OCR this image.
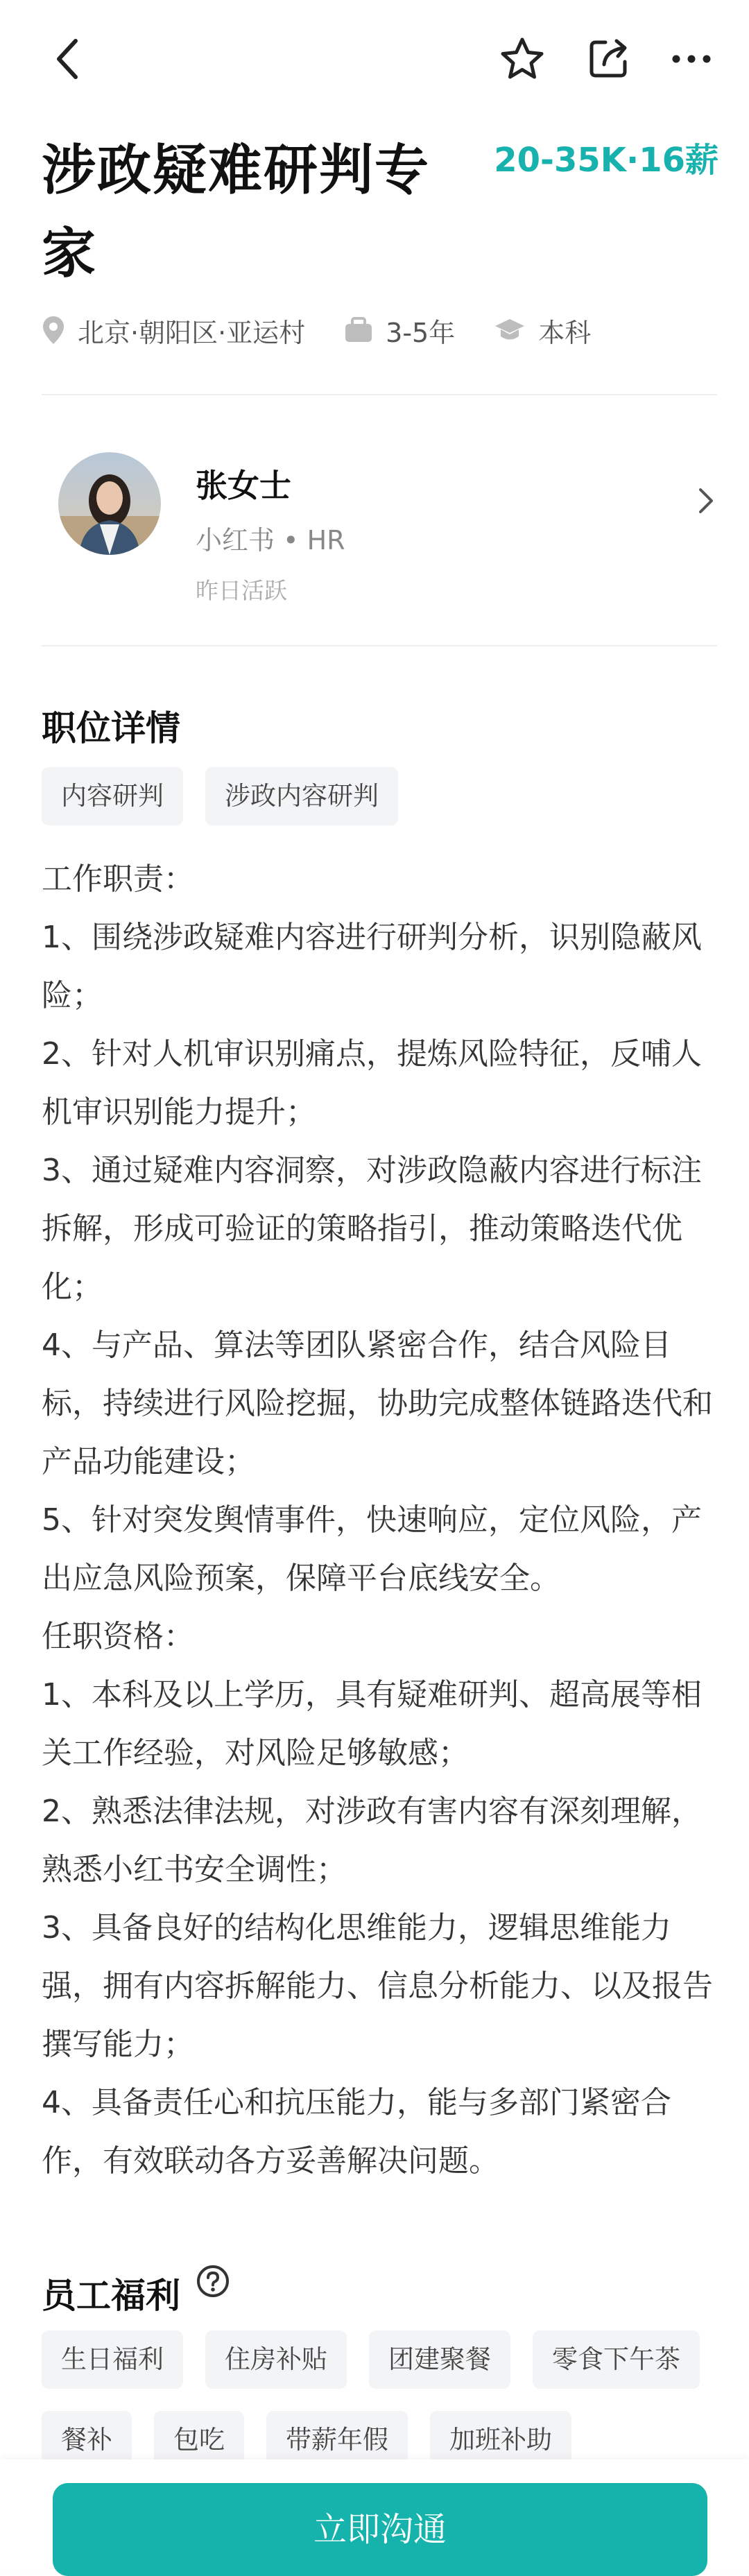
涉政疑难研判专家
20-35K·16薪
北京·朝阳区·亚运村	3-5年	本科
张女士
小红书 • HR
昨日活跃
职位详情
内容研判	涉政内容研判

工作职责：

1、围绕涉政疑难内容进行研判分析，识别隐蔽风险；

2、针对人机审识别痛点，提炼风险特征，反哺人机审识别能力提升；

3、通过疑难内容洞察，对涉政隐蔽内容进行标注拆解，形成可验证的策略指引，推动策略迭代优化；

4、与产品、算法等团队紧密合作，结合风险目标，持续进行风险挖掘，协助完成整体链路迭代和产品功能建设；

5、针对突发舆情事件，快速响应，定位风险，产出应急风险预案，保障平台底线安全。

任职资格：

1、本科及以上学历，具有疑难研判、超高展等相关工作经验，对风险足够敏感；

2、熟悉法律法规，对涉政有害内容有深刻理解，熟悉小红书安全调性；

3、具备良好的结构化思维能力，逻辑思维能力强，拥有内容拆解能力、信息分析能力、以及报告撰写能力；

4、具备责任心和抗压能力，能与多部门紧密合作，有效联动各方妥善解决问题。

员工福利
生日福利	住房补贴	团建聚餐	零食下午茶
餐补	包吃	带薪年假	加班补助
立即沟通
